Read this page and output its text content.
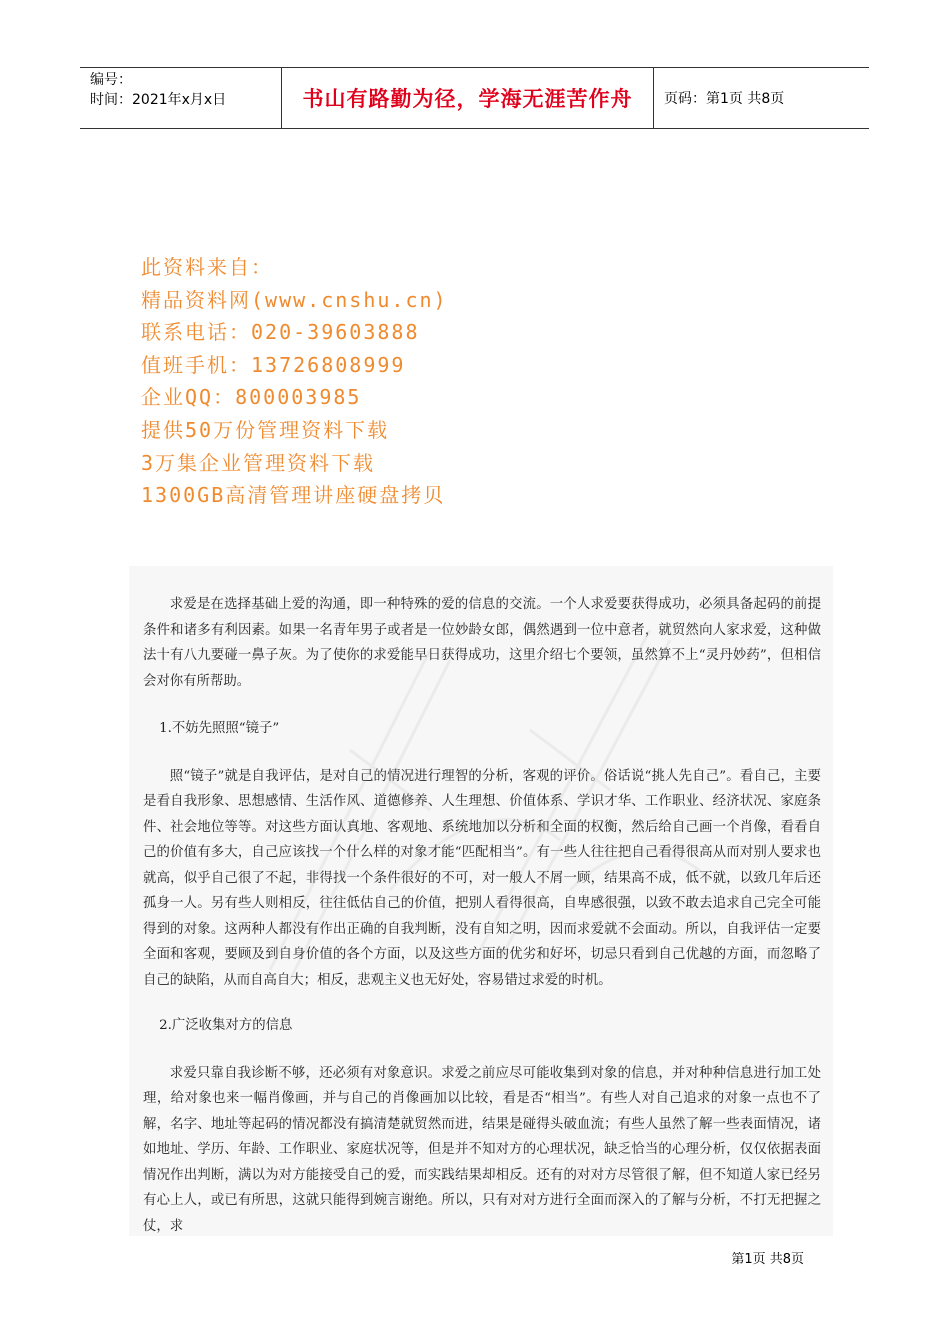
编号：
时间：2021年x月x日	书山有路勤为径，学海无涯苦作舟	页码：第1页 共8页
此资料来自：
精品资料网(www.cnshu.cn)
联系电话：020-39603888
值班手机：13726808999
企业QQ：800003985
提供50万份管理资料下载
3万集企业管理资料下载
1300GB高清管理讲座硬盘拷贝

求爱是在选择基础上爱的沟通，即一种特殊的爱的信息的交流。一个人求爱要获得成功，必须具备起码的前提条件和诸多有利因素。如果一名青年男子或者是一位妙龄女郎，偶然遇到一位中意者，就贸然向人家求爱，这种做法十有八九要碰一鼻子灰。为了使你的求爱能早日获得成功，这里介绍七个要领，虽然算不上“灵丹妙药”，但相信会对你有所帮助。

1.不妨先照照“镜子”

照“镜子”就是自我评估，是对自己的情况进行理智的分析，客观的评价。俗话说“挑人先自己”。看自己，主要是看自我形象、思想感情、生活作风、道德修养、人生理想、价值体系、学识才华、工作职业、经济状况、家庭条件、社会地位等等。对这些方面认真地、客观地、系统地加以分析和全面的权衡，然后给自己画一个肖像，看看自己的价值有多大，自己应该找一个什么样的对象才能“匹配相当”。有一些人往往把自己看得很高从而对别人要求也就高，似乎自己很了不起，非得找一个条件很好的不可，对一般人不屑一顾，结果高不成，低不就，以致几年后还孤身一人。另有些人则相反，往往低估自己的价值，把别人看得很高，自卑感很强，以致不敢去追求自己完全可能得到的对象。这两种人都没有作出正确的自我判断，没有自知之明，因而求爱就不会面动。所以，自我评估一定要全面和客观，要顾及到自身价值的各个方面，以及这些方面的优劣和好坏，切忌只看到自己优越的方面，而忽略了自己的缺陷，从而自高自大；相反，悲观主义也无好处，容易错过求爱的时机。

2.广泛收集对方的信息

求爱只靠自我诊断不够，还必须有对象意识。求爱之前应尽可能收集到对象的信息，并对种种信息进行加工处理，给对象也来一幅肖像画，并与自己的肖像画加以比较，看是否“相当”。有些人对自己追求的对象一点也不了解，名字、地址等起码的情况都没有搞清楚就贸然而进，结果是碰得头破血流；有些人虽然了解一些表面情况，诸如地址、学历、年龄、工作职业、家庭状况等，但是并不知对方的心理状况，缺乏恰当的心理分析，仅仅依据表面情况作出判断，满以为对方能接受自己的爱，而实践结果却相反。还有的对对方尽管很了解，但不知道人家已经另有心上人，或已有所思，这就只能得到婉言谢绝。所以，只有对对方进行全面而深入的了解与分析，不打无把握之仗，求

第1页 共8页
